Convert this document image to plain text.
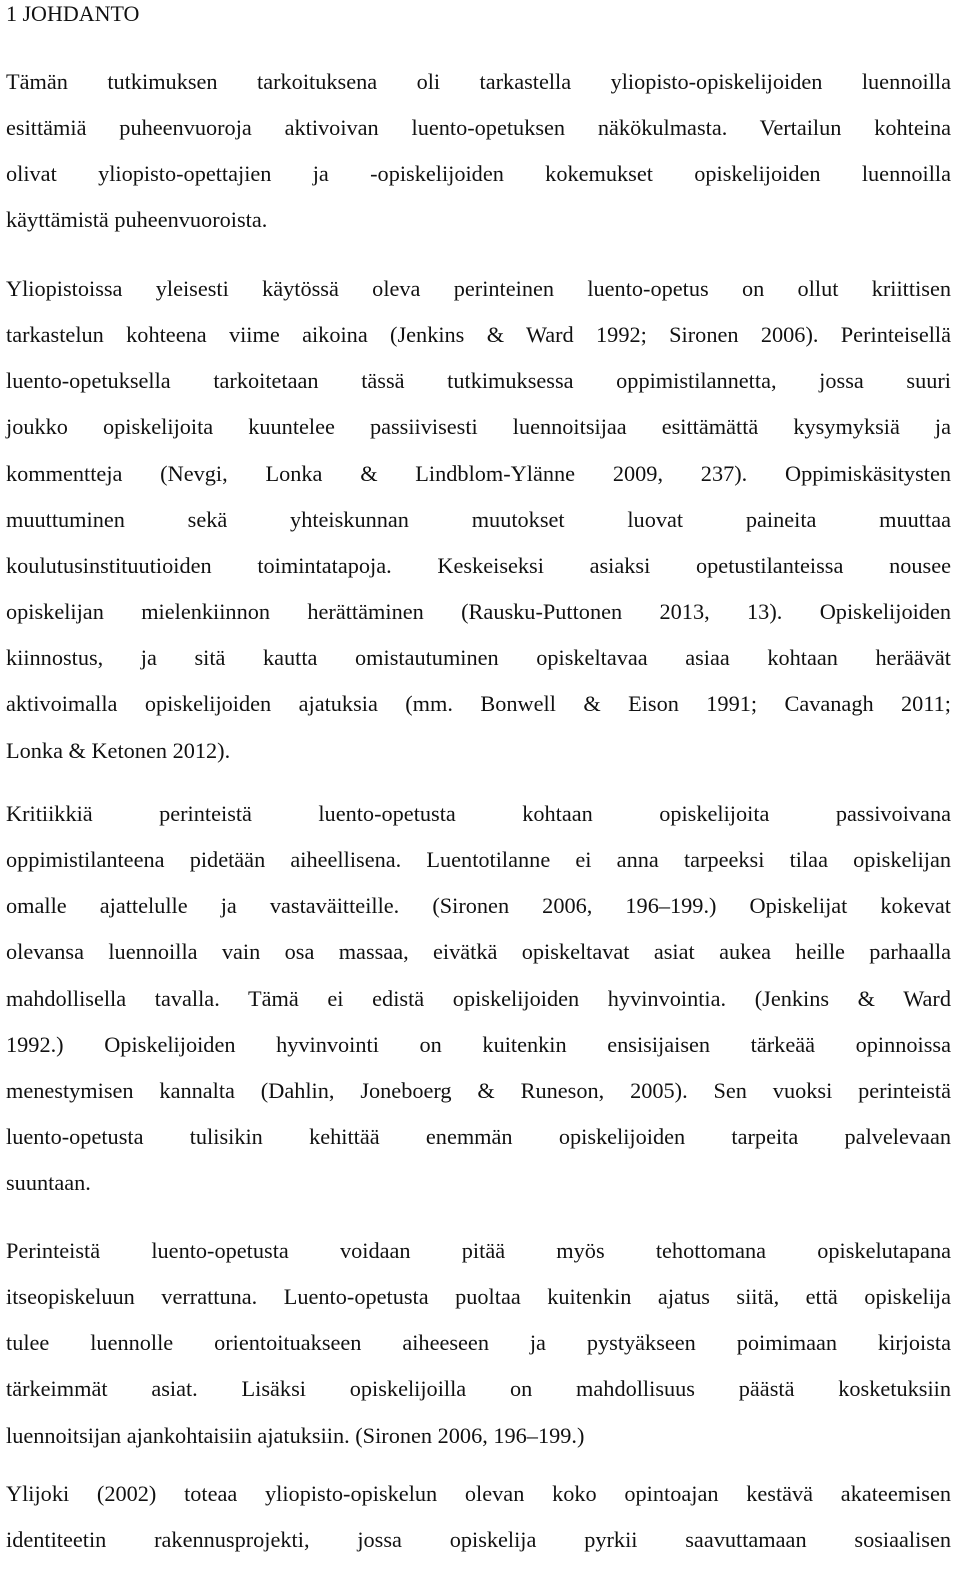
1 JOHDANTO
Tämän tutkimuksen tarkoituksena oli tarkastella yliopisto-opiskelijoiden luennoilla
esittämiä puheenvuoroja aktivoivan luento-opetuksen näkökulmasta. Vertailun kohteina
olivat yliopisto-opettajien ja -opiskelijoiden kokemukset opiskelijoiden luennoilla
käyttämistä puheenvuoroista.
Yliopistoissa yleisesti käytössä oleva perinteinen luento-opetus on ollut kriittisen
tarkastelun kohteena viime aikoina (Jenkins & Ward 1992; Sironen 2006). Perinteisellä
luento-opetuksella tarkoitetaan tässä tutkimuksessa oppimistilannetta, jossa suuri
joukko opiskelijoita kuuntelee passiivisesti luennoitsijaa esittämättä kysymyksiä ja
kommentteja (Nevgi, Lonka & Lindblom-Ylänne 2009, 237). Oppimiskäsitysten
muuttuminen sekä yhteiskunnan muutokset luovat paineita muuttaa
koulutusinstituutioiden toimintatapoja. Keskeiseksi asiaksi opetustilanteissa nousee
opiskelijan mielenkiinnon herättäminen (Rausku-Puttonen 2013, 13). Opiskelijoiden
kiinnostus, ja sitä kautta omistautuminen opiskeltavaa asiaa kohtaan heräävät
aktivoimalla opiskelijoiden ajatuksia (mm. Bonwell & Eison 1991; Cavanagh 2011;
Lonka & Ketonen 2012).
Kritiikkiä perinteistä luento-opetusta kohtaan opiskelijoita passivoivana
oppimistilanteena pidetään aiheellisena. Luentotilanne ei anna tarpeeksi tilaa opiskelijan
omalle ajattelulle ja vastaväitteille. (Sironen 2006, 196–199.) Opiskelijat kokevat
olevansa luennoilla vain osa massaa, eivätkä opiskeltavat asiat aukea heille parhaalla
mahdollisella tavalla. Tämä ei edistä opiskelijoiden hyvinvointia. (Jenkins & Ward
1992.) Opiskelijoiden hyvinvointi on kuitenkin ensisijaisen tärkeää opinnoissa
menestymisen kannalta (Dahlin, Joneboerg & Runeson, 2005). Sen vuoksi perinteistä
luento-opetusta tulisikin kehittää enemmän opiskelijoiden tarpeita palvelevaan
suuntaan.
Perinteistä luento-opetusta voidaan pitää myös tehottomana opiskelutapana
itseopiskeluun verrattuna. Luento-opetusta puoltaa kuitenkin ajatus siitä, että opiskelija
tulee luennolle orientoituakseen aiheeseen ja pystyäkseen poimimaan kirjoista
tärkeimmät asiat. Lisäksi opiskelijoilla on mahdollisuus päästä kosketuksiin
luennoitsijan ajankohtaisiin ajatuksiin. (Sironen 2006, 196–199.)
Ylijoki (2002) toteaa yliopisto-opiskelun olevan koko opintoajan kestävä akateemisen
identiteetin rakennusprojekti, jossa opiskelija pyrkii saavuttamaan sosiaalisen
